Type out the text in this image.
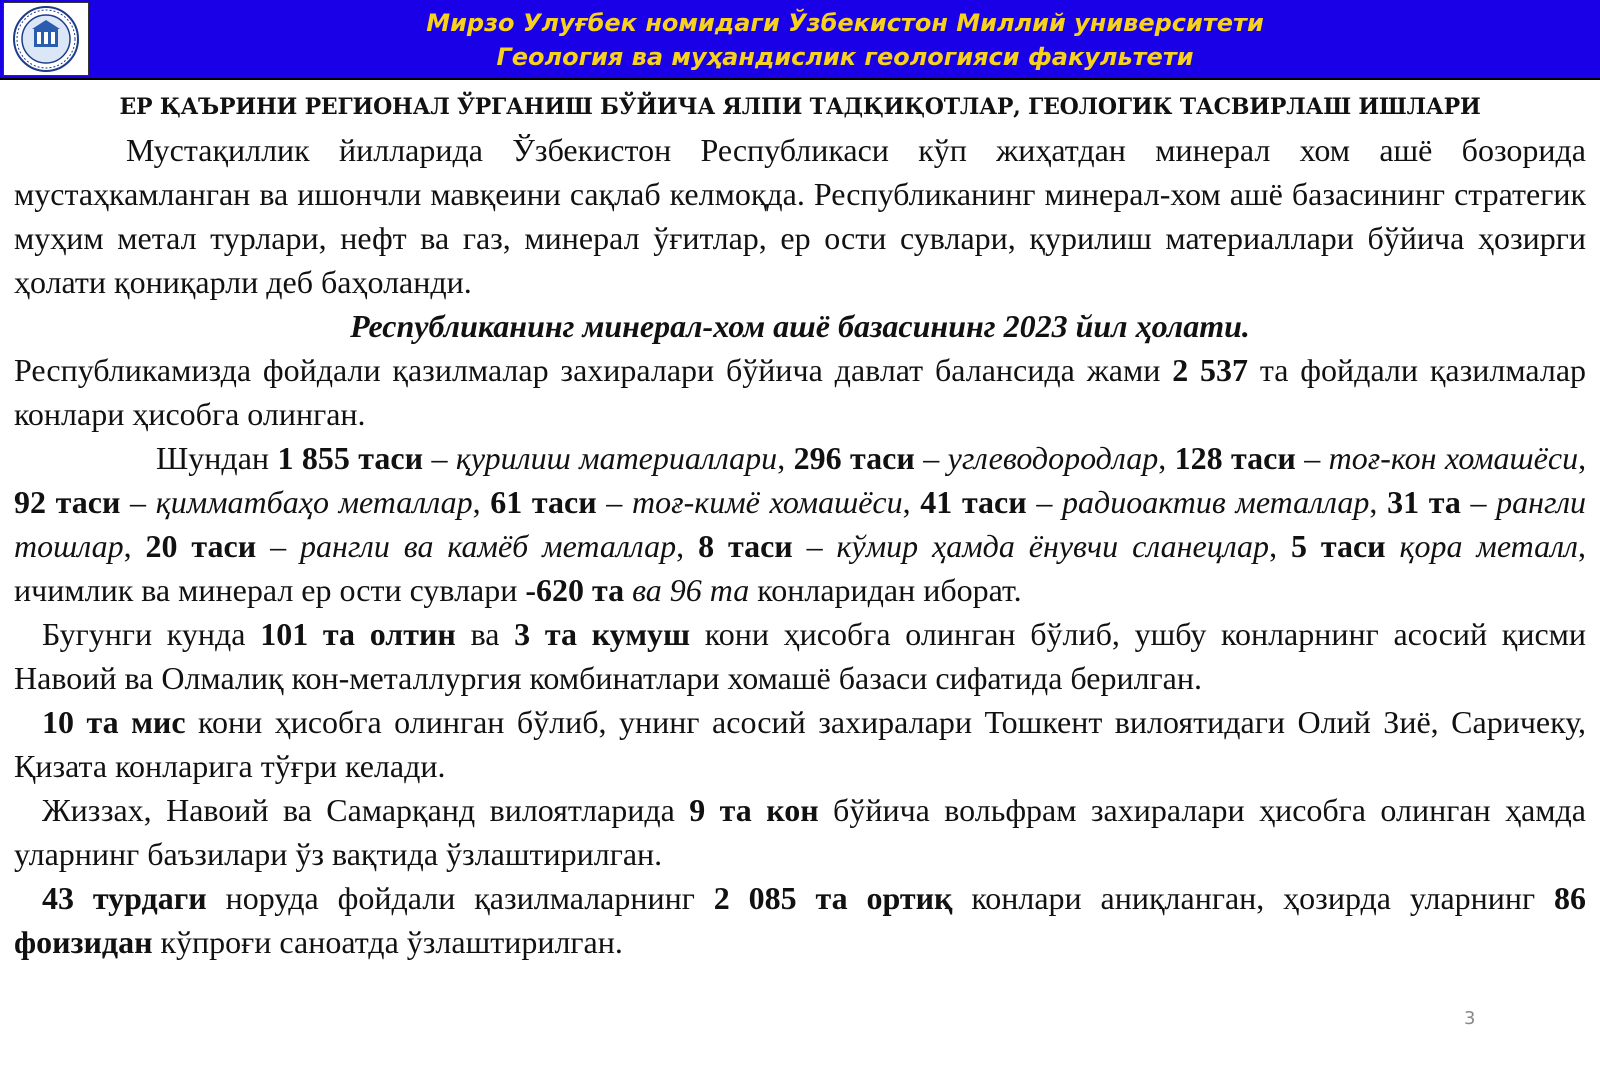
Мирзо Улуғбек номидаги Ўзбекистон Миллий университети
Геология ва муҳандислик геологияси факультети
ЕР ҚАЪРИНИ РЕГИОНАЛ ЎРГАНИШ БЎЙИЧА ЯЛПИ ТАДҚИҚОТЛАР, ГЕОЛОГИК ТАСВИРЛАШ ИШЛАРИ

Мустақиллик йилларида Ўзбекистон Республикаси кўп жиҳатдан минерал хом ашё бозорида мустаҳкамланган ва ишончли мавқеини сақлаб келмоқда. Республиканинг минерал-хом ашё базасининг стратегик муҳим метал турлари, нефт ва газ, минерал ўғитлар, ер ости сувлари, қурилиш материаллари бўйича ҳозирги ҳолати қониқарли деб баҳоланди.

Республиканинг минерал-хом ашё базасининг 2023 йил ҳолати.

Республикамизда фойдали қазилмалар захиралари бўйича давлат балансида жами 2 537 та фойдали қазилмалар конлари ҳисобга олинган.

Шундан 1 855 таси – қурилиш материаллари, 296 таси – углеводородлар, 128 таси – тоғ-кон хомашёси, 92 таси – қимматбаҳо металлар, 61 таси – тоғ-кимё хомашёси, 41 таси – радиоактив металлар, 31 та – рангли тошлар, 20 таси – рангли ва камёб металлар, 8 таси – кўмир ҳамда ёнувчи сланецлар, 5 таси қора металл, ичимлик ва минерал ер ости сувлари -620 та ва 96 та конларидан иборат.

Бугунги кунда 101 та олтин ва 3 та кумуш кони ҳисобга олинган бўлиб, ушбу конларнинг асосий қисми Навоий ва Олмалиқ кон-металлургия комбинатлари хомашё базаси сифатида берилган.

10 та мис кони ҳисобга олинган бўлиб, унинг асосий захиралари Тошкент вилоятидаги Олий Зиё, Саричеку, Қизата конларига тўғри келади.

Жиззах, Навоий ва Самарқанд вилоятларида 9 та кон бўйича вольфрам захиралари ҳисобга олинган ҳамда уларнинг баъзилари ўз вақтида ўзлаштирилган.

43 турдаги норуда фойдали қазилмаларнинг 2 085 та ортиқ конлари аниқланган, ҳозирда уларнинг 86 фоизидан кўпроғи саноатда ўзлаштирилган.

3
